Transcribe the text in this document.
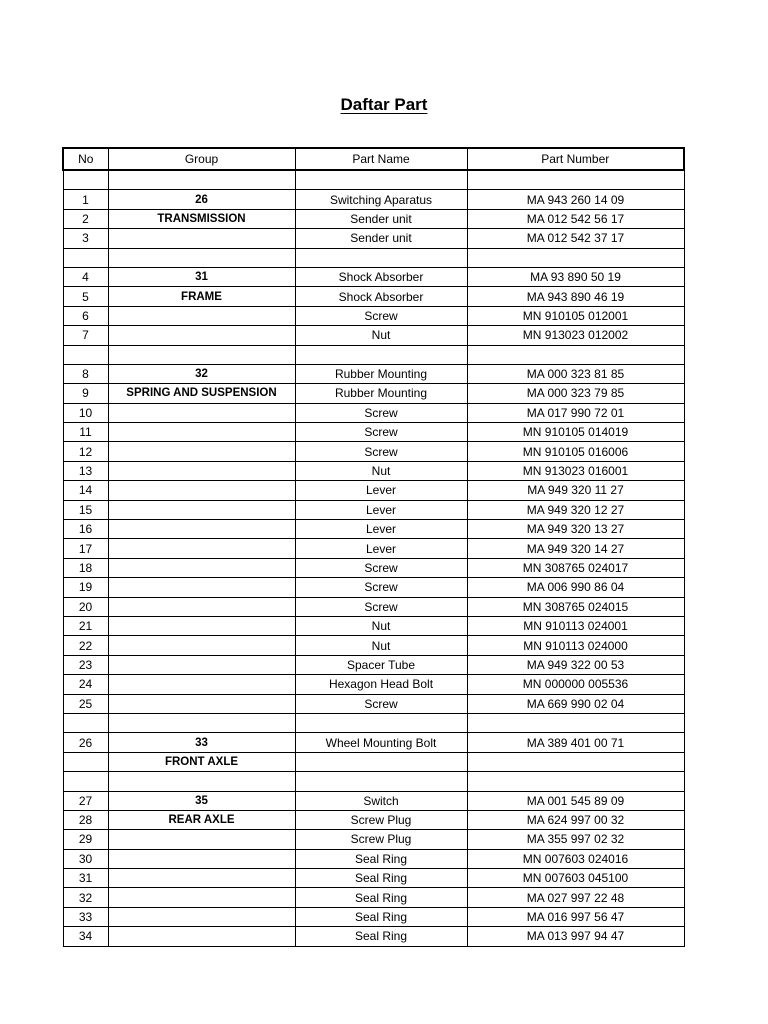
Daftar Part
No	Group	Part Name	Part Number

1	26	Switching Aparatus	MA 943 260 14 09
2	TRANSMISSION	Sender unit	MA 012 542 56 17
3		Sender unit	MA 012 542 37 17

4	31	Shock Absorber	MA 93 890 50 19
5	FRAME	Shock Absorber	MA 943 890 46 19
6		Screw	MN 910105 012001
7		Nut	MN 913023 012002

8	32	Rubber Mounting	MA 000 323 81 85
9	SPRING AND SUSPENSION	Rubber Mounting	MA 000 323 79 85
10		Screw	MA 017 990 72 01
11		Screw	MN 910105 014019
12		Screw	MN 910105 016006
13		Nut	MN 913023 016001
14		Lever	MA 949 320 11 27
15		Lever	MA 949 320 12 27
16		Lever	MA 949 320 13 27
17		Lever	MA 949 320 14 27
18		Screw	MN 308765 024017
19		Screw	MA 006 990 86 04
20		Screw	MN 308765 024015
21		Nut	MN 910113 024001
22		Nut	MN 910113 024000
23		Spacer Tube	MA 949 322 00 53
24		Hexagon Head Bolt	MN 000000 005536
25		Screw	MA 669 990 02 04

26	33	Wheel Mounting Bolt	MA 389 401 00 71
	FRONT AXLE		

27	35	Switch	MA 001 545 89 09
28	REAR AXLE	Screw Plug	MA 624 997 00 32
29		Screw Plug	MA 355 997 02 32
30		Seal Ring	MN 007603 024016
31		Seal Ring	MN 007603 045100
32		Seal Ring	MA 027 997 22 48
33		Seal Ring	MA 016 997 56 47
34		Seal Ring	MA 013 997 94 47
